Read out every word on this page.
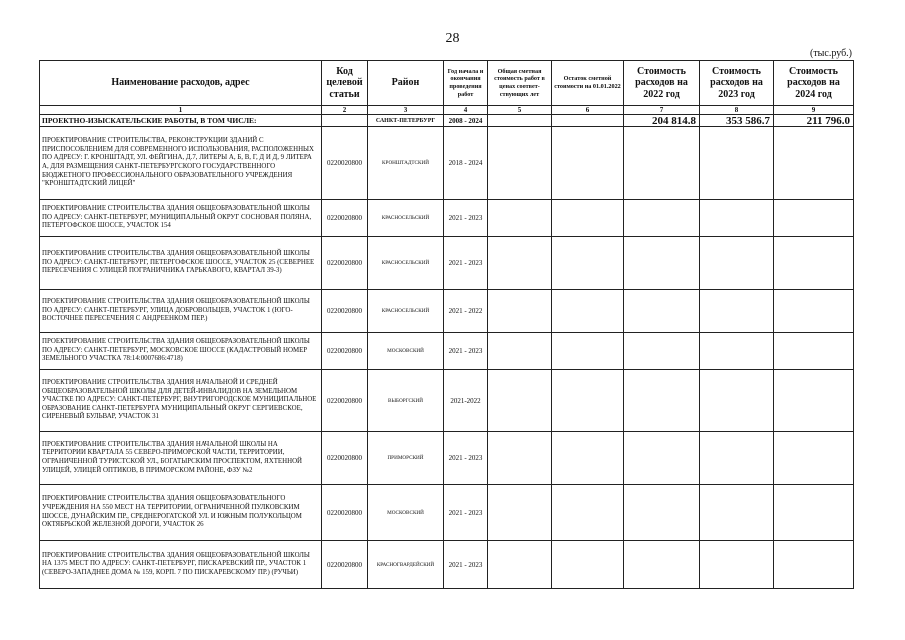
28
(тыс.руб.)
Наименование расходов, адрес	Код целевой статьи	Район	Год начала и окончания проведения работ	Общая сметная стоимость работ в ценах соответ-ствующих лет	Остаток сметной стоимости на 01.01.2022	Стоимость расходов на 2022 год	Стоимость расходов на 2023 год	Стоимость расходов на 2024 год
1	2	3	4	5	6	7	8	9
ПРОЕКТНО-ИЗЫСКАТЕЛЬСКИЕ РАБОТЫ, В ТОМ ЧИСЛЕ:		САНКТ-ПЕТЕРБУРГ	2008 - 2024			204 814.8	353 586.7	211 796.0
ПРОЕКТИРОВАНИЕ СТРОИТЕЛЬСТВА, РЕКОНСТРУКЦИИ ЗДАНИЙ С ПРИСПОСОБЛЕНИЕМ ДЛЯ СОВРЕМЕННОГО ИСПОЛЬЗОВАНИЯ, РАСПОЛОЖЕННЫХ ПО АДРЕСУ: Г. КРОНШТАДТ, УЛ. ФЕЙГИНА, Д.7, ЛИТЕРЫ А, Б, В, Г, Д И Д, 9 ЛИТЕРА А, ДЛЯ РАЗМЕЩЕНИЯ САНКТ-ПЕТЕРБУРГСКОГО ГОСУДАРСТВЕННОГО БЮДЖЕТНОГО ПРОФЕССИОНАЛЬНОГО ОБРАЗОВАТЕЛЬНОГО УЧРЕЖДЕНИЯ "КРОНШТАДТСКИЙ ЛИЦЕЙ"	0220020800	КРОНШТАДТСКИЙ	2018 - 2024					
ПРОЕКТИРОВАНИЕ СТРОИТЕЛЬСТВА ЗДАНИЯ ОБЩЕОБРАЗОВАТЕЛЬНОЙ ШКОЛЫ ПО АДРЕСУ: САНКТ-ПЕТЕРБУРГ, МУНИЦИПАЛЬНЫЙ ОКРУГ СОСНОВАЯ ПОЛЯНА, ПЕТЕРГОФСКОЕ ШОССЕ, УЧАСТОК 154	0220020800	КРАСНОСЕЛЬСКИЙ	2021 - 2023					
ПРОЕКТИРОВАНИЕ СТРОИТЕЛЬСТВА ЗДАНИЯ ОБЩЕОБРАЗОВАТЕЛЬНОЙ ШКОЛЫ ПО АДРЕСУ: САНКТ-ПЕТЕРБУРГ, ПЕТЕРГОФСКОЕ ШОССЕ, УЧАСТОК 25 (СЕВЕРНЕЕ ПЕРЕСЕЧЕНИЯ С УЛИЦЕЙ ПОГРАНИЧНИКА ГАРЬКАВОГО, КВАРТАЛ 39-3)	0220020800	КРАСНОСЕЛЬСКИЙ	2021 - 2023					
ПРОЕКТИРОВАНИЕ СТРОИТЕЛЬСТВА ЗДАНИЯ ОБЩЕОБРАЗОВАТЕЛЬНОЙ ШКОЛЫ ПО АДРЕСУ: САНКТ-ПЕТЕРБУРГ, УЛИЦА ДОБРОВОЛЬЦЕВ, УЧАСТОК 1 (ЮГО-ВОСТОЧНЕЕ ПЕРЕСЕЧЕНИЯ С АНДРЕЕНКОМ ПЕР.)	0220020800	КРАСНОСЕЛЬСКИЙ	2021 - 2022					
ПРОЕКТИРОВАНИЕ СТРОИТЕЛЬСТВА ЗДАНИЯ ОБЩЕОБРАЗОВАТЕЛЬНОЙ ШКОЛЫ ПО АДРЕСУ: САНКТ-ПЕТЕРБУРГ, МОСКОВСКОЕ ШОССЕ (КАДАСТРОВЫЙ НОМЕР ЗЕМЕЛЬНОГО УЧАСТКА 78:14:0007686:4718)	0220020800	МОСКОВСКИЙ	2021 - 2023					
ПРОЕКТИРОВАНИЕ СТРОИТЕЛЬСТВА ЗДАНИЯ НАЧАЛЬНОЙ И СРЕДНЕЙ ОБЩЕОБРАЗОВАТЕЛЬНОЙ ШКОЛЫ ДЛЯ ДЕТЕЙ-ИНВАЛИДОВ НА ЗЕМЕЛЬНОМ УЧАСТКЕ ПО АДРЕСУ: САНКТ-ПЕТЕРБУРГ, ВНУТРИГОРОДСКОЕ МУНИЦИПАЛЬНОЕ ОБРАЗОВАНИЕ САНКТ-ПЕТЕРБУРГА МУНИЦИПАЛЬНЫЙ ОКРУГ СЕРГИЕВСКОЕ, СИРЕНЕВЫЙ БУЛЬВАР, УЧАСТОК 31	0220020800	ВЫБОРГСКИЙ	2021-2022					
ПРОЕКТИРОВАНИЕ СТРОИТЕЛЬСТВА ЗДАНИЯ НАЧАЛЬНОЙ ШКОЛЫ НА ТЕРРИТОРИИ КВАРТАЛА 55 СЕВЕРО-ПРИМОРСКОЙ ЧАСТИ, ТЕРРИТОРИИ, ОГРАНИЧЕННОЙ ТУРИСТСКОЙ УЛ., БОГАТЫРСКИМ ПРОСПЕКТОМ, ЯХТЕННОЙ УЛИЦЕЙ, УЛИЦЕЙ ОПТИКОВ, В ПРИМОРСКОМ РАЙОНЕ, ФЗУ №2	0220020800	ПРИМОРСКИЙ	2021 - 2023					
ПРОЕКТИРОВАНИЕ СТРОИТЕЛЬСТВА ЗДАНИЯ ОБЩЕОБРАЗОВАТЕЛЬНОГО УЧРЕЖДЕНИЯ НА 550 МЕСТ НА ТЕРРИТОРИИ, ОГРАНИЧЕННОЙ ПУЛКОВСКИМ ШОССЕ, ДУНАЙСКИМ ПР., СРЕДНЕРОГАТСКОЙ УЛ. И ЮЖНЫМ ПОЛУКОЛЬЦОМ ОКТЯБРЬСКОЙ ЖЕЛЕЗНОЙ ДОРОГИ, УЧАСТОК 26	0220020800	МОСКОВСКИЙ	2021 - 2023					
ПРОЕКТИРОВАНИЕ СТРОИТЕЛЬСТВА ЗДАНИЯ ОБЩЕОБРАЗОВАТЕЛЬНОЙ ШКОЛЫ НА 1375 МЕСТ ПО АДРЕСУ: САНКТ-ПЕТЕРБУРГ, ПИСКАРЕВСКИЙ ПР., УЧАСТОК 1 (СЕВЕРО-ЗАПАДНЕЕ ДОМА № 159, КОРП. 7 ПО ПИСКАРЕВСКОМУ ПР.) (РУЧЬИ)	0220020800	КРАСНОГВАРДЕЙСКИЙ	2021 - 2023					
